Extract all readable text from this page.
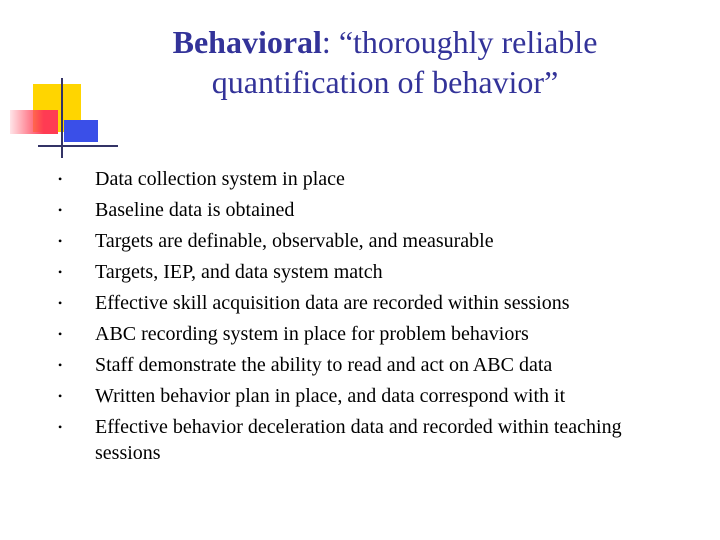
Behavioral: “thoroughly reliable
quantification of behavior”
• Data collection system in place
• Baseline data is obtained
• Targets are definable, observable, and measurable
• Targets, IEP, and data system match
• Effective skill acquisition data are recorded within sessions
• ABC recording system in place for problem behaviors
• Staff demonstrate the ability to read and act on ABC data
• Written behavior plan in place, and data correspond with it
• Effective behavior deceleration data and recorded within teaching sessions
